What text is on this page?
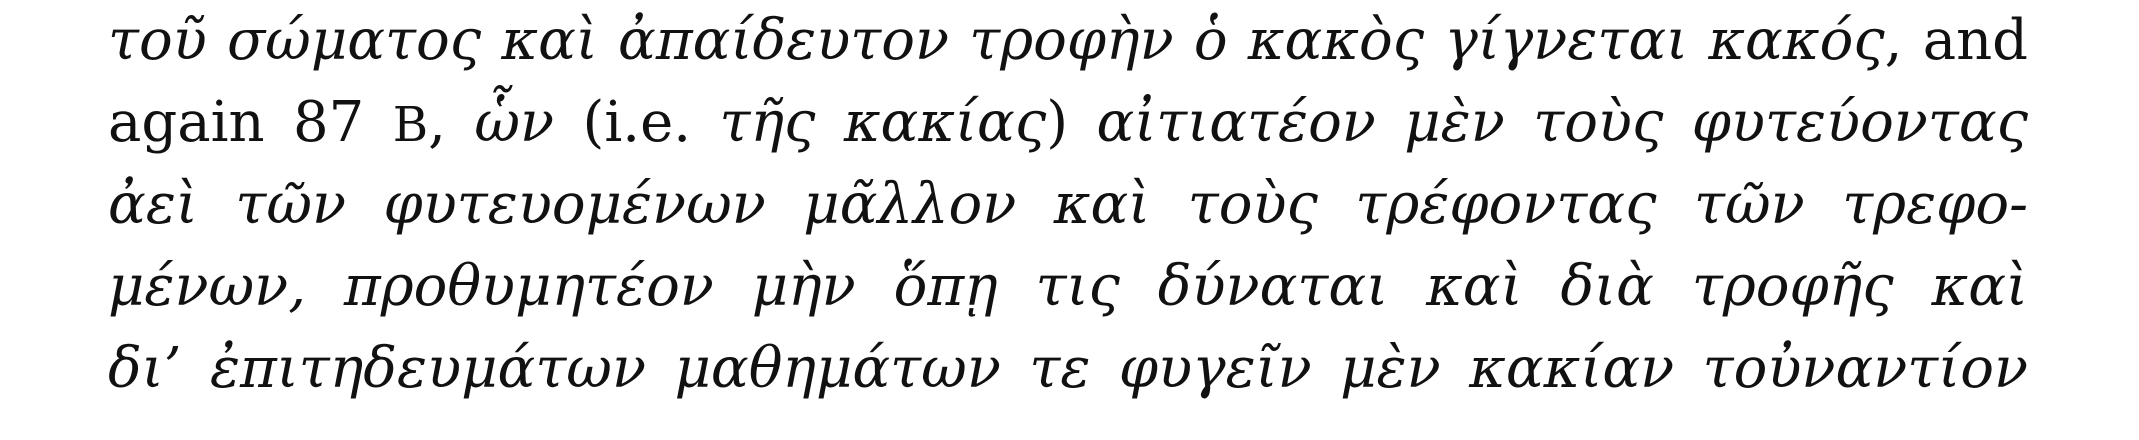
τοῦ σώματος καὶ ἀπαίδευτον τροφὴν ὁ κακὸς γίγνεται κακός, and
again 87 B, ὧν (i.e. τῆς κακίας) αἰτιατέον μὲν τοὺς φυτεύοντας
ἀεὶ τῶν φυτευομένων μᾶλλον καὶ τοὺς τρέφοντας τῶν τρεφο-
μένων, προθυμητέον μὴν ὅπῃ τις δύναται καὶ διὰ τροφῆς καὶ
δι’ ἐπιτηδευμάτων μαθημάτων τε φυγεῖν μὲν κακίαν τοὐναντίον
